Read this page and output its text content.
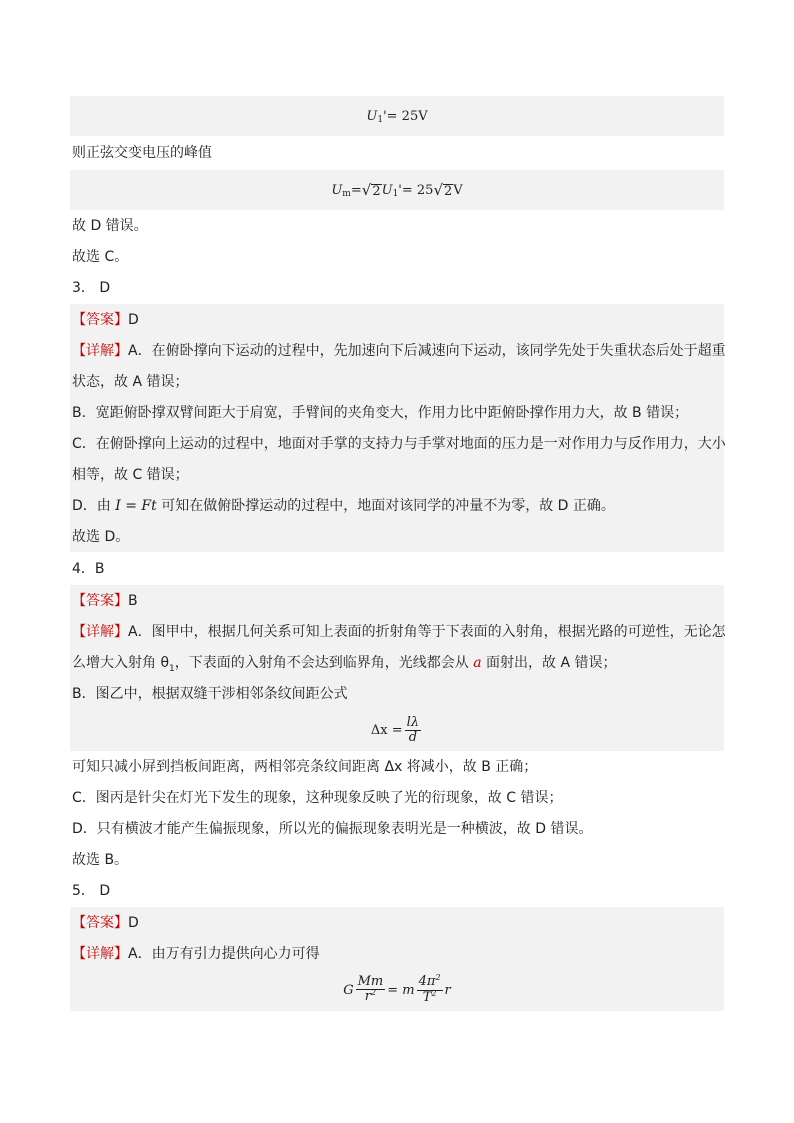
U 1 '= 25V
则正弦交变电压的峰值
U m = √ 2 U 1 '= 25 √ 2 V
故 D 错误。
故选 C。
3． D
【答案】D
【详解】A．在俯卧撑向下运动的过程中，先加速向下后减速向下运动，该同学先处于失重状态后处于超重
状态，故 A 错误；
B．宽距俯卧撑双臂间距大于肩宽，手臂间的夹角变大，作用力比中距俯卧撑作用力大，故 B 错误；
C．在俯卧撑向上运动的过程中，地面对手掌的支持力与手掌对地面的压力是一对作用力与反作用力，大小
相等，故 C 错误；
D．由 I = Ft 可知在做俯卧撑运动的过程中，地面对该同学的冲量不为零，故 D 正确。
故选 D。
4．B
【答案】B
【详解】A．图甲中，根据几何关系可知上表面的折射角等于下表面的入射角，根据光路的可逆性，无论怎
么增大入射角 $\theta_1$，下表面的入射角不会达到临界角，光线都会从 a 面射出，故 A 错误；
B．图乙中，根据双缝干涉相邻条纹间距公式
$\Delta x = \frac{l\lambda}{d}$
可知只减小屏到挡板间距离，两相邻亮条纹间距离 Δx 将减小，故 B 正确；
C．图丙是针尖在灯光下发生的现象，这种现象反映了光的衍现象，故 C 错误；
D．只有横波才能产生偏振现象，所以光的偏振现象表明光是一种横波，故 D 错误。
故选 B。
5． D
【答案】D
【详解】A．由万有引力提供向心力可得
G $\frac{Mm}{r^2} = m \frac{4\pi^2}{T^2}$ r
